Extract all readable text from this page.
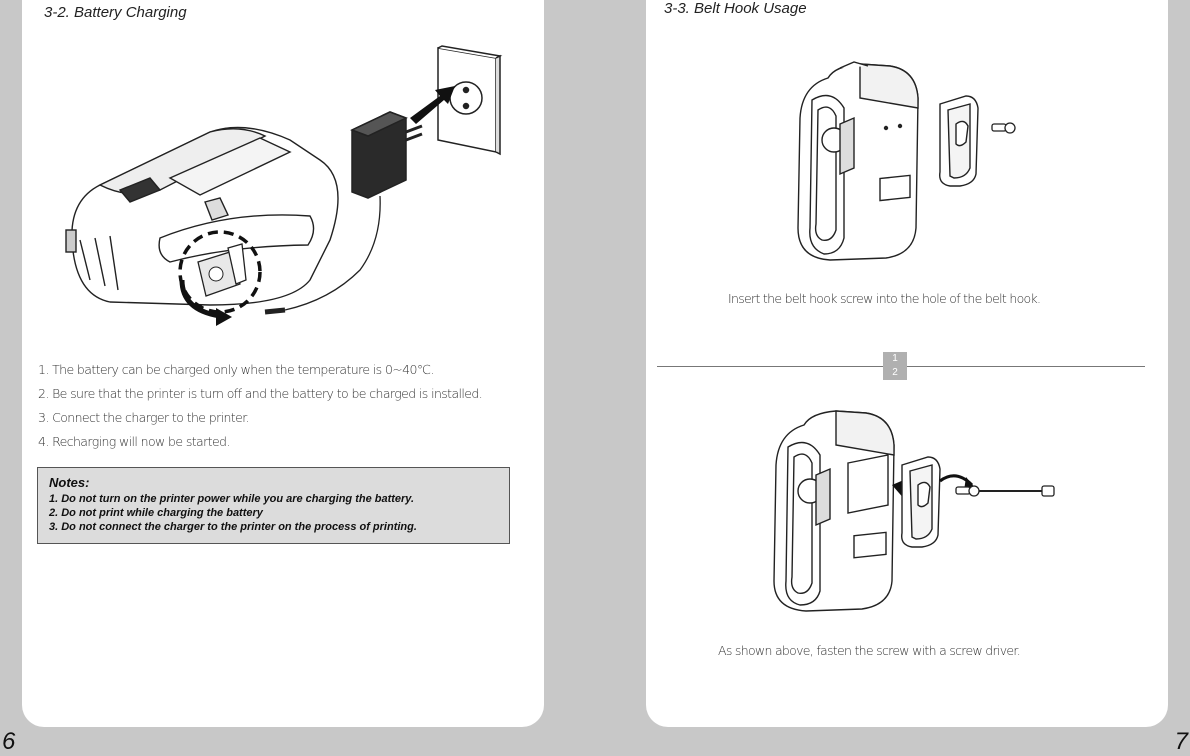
3-2. Battery Charging
1. The battery can be charged only when the temperature is 0~40℃.
2. Be sure that the printer is turn off and the battery to be charged is installed.
3. Connect the charger to the printer.
4. Recharging will now be started.
Notes:
1. Do not turn on the printer power while you are charging the battery.
2. Do not print while charging the battery
3. Do not connect the charger to the printer on the process of printing.
6
3-3. Belt Hook Usage
Insert the belt hook screw into the hole of the belt hook.
1
2
As shown above, fasten the screw with a screw driver.
7
